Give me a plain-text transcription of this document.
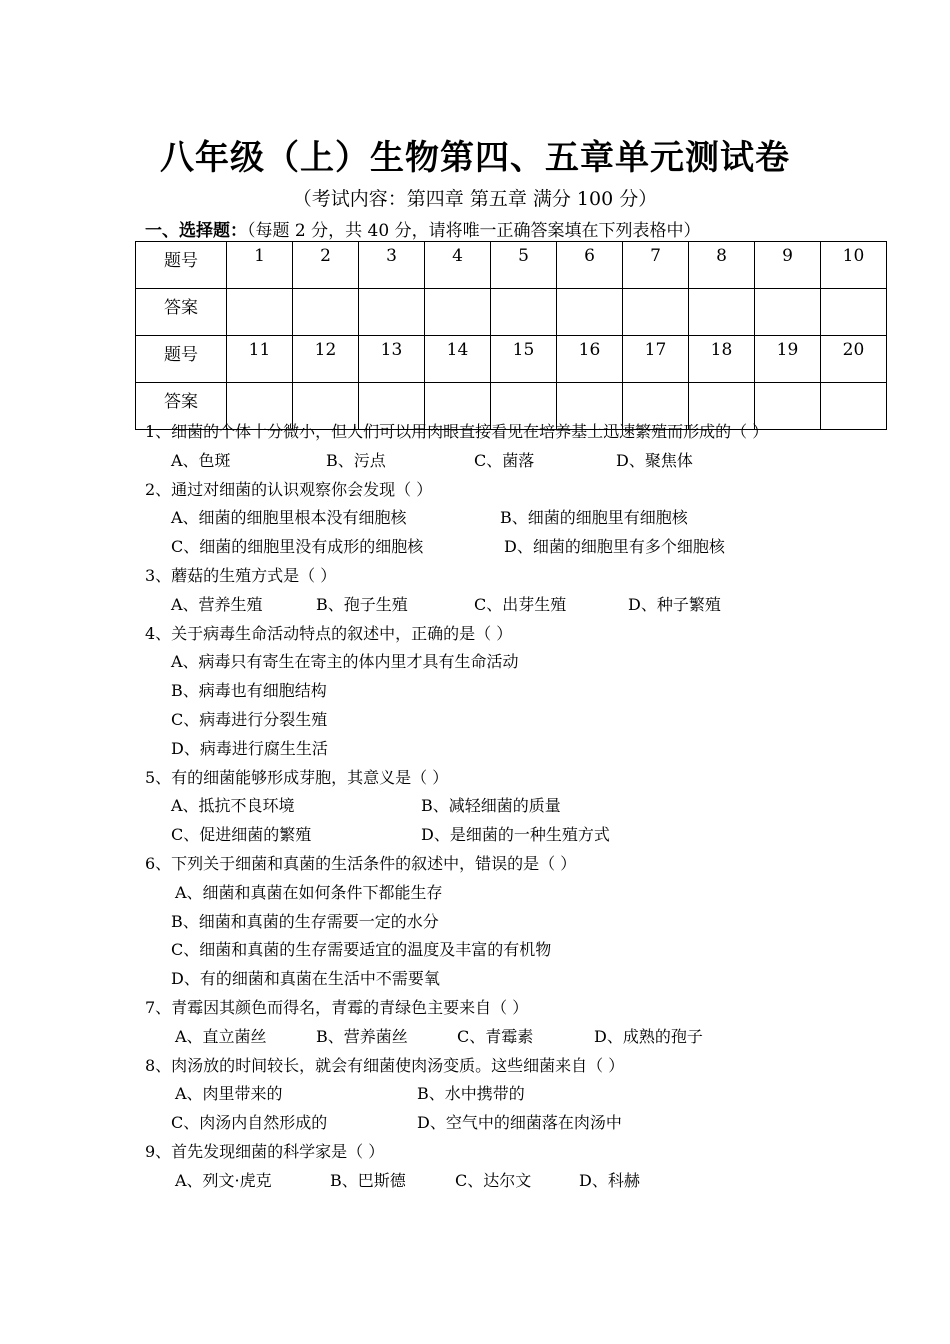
八年级（上）生物第四、五章单元测试卷
（考试内容：第四章 第五章 满分 100 分）
一、选择题：（每题 2 分，共 40 分，请将唯一正确答案填在下列表格中）
题号	1	2	3	4	5	6	7	8	9	10
答案										
题号	11	12	13	14	15	16	17	18	19	20
答案										
1、细菌的个体十分微小，但人们可以用肉眼直接看见在培养基上迅速繁殖而形成的（ ）
A、色斑	B、污点	C、菌落	D、聚焦体
2、通过对细菌的认识观察你会发现（ ）
A、细菌的细胞里根本没有细胞核	B、细菌的细胞里有细胞核
C、细菌的细胞里没有成形的细胞核	D、细菌的细胞里有多个细胞核
3、蘑菇的生殖方式是（ ）
A、营养生殖	B、孢子生殖	C、出芽生殖	D、种子繁殖
4、关于病毒生命活动特点的叙述中，正确的是（ ）
A、病毒只有寄生在寄主的体内里才具有生命活动
B、病毒也有细胞结构
C、病毒进行分裂生殖
D、病毒进行腐生生活
5、有的细菌能够形成芽胞，其意义是（ ）
A、抵抗不良环境	B、减轻细菌的质量
C、促进细菌的繁殖	D、是细菌的一种生殖方式
6、下列关于细菌和真菌的生活条件的叙述中，错误的是（ ）
A、细菌和真菌在如何条件下都能生存
B、细菌和真菌的生存需要一定的水分
C、细菌和真菌的生存需要适宜的温度及丰富的有机物
D、有的细菌和真菌在生活中不需要氧
7、青霉因其颜色而得名，青霉的青绿色主要来自（ ）
A、直立菌丝	B、营养菌丝	C、青霉素	D、成熟的孢子
8、肉汤放的时间较长，就会有细菌使肉汤变质。这些细菌来自（ ）
A、肉里带来的	B、水中携带的
C、肉汤内自然形成的	D、空气中的细菌落在肉汤中
9、首先发现细菌的科学家是（ ）
A、列文·虎克	B、巴斯德	C、达尔文	D、科赫
